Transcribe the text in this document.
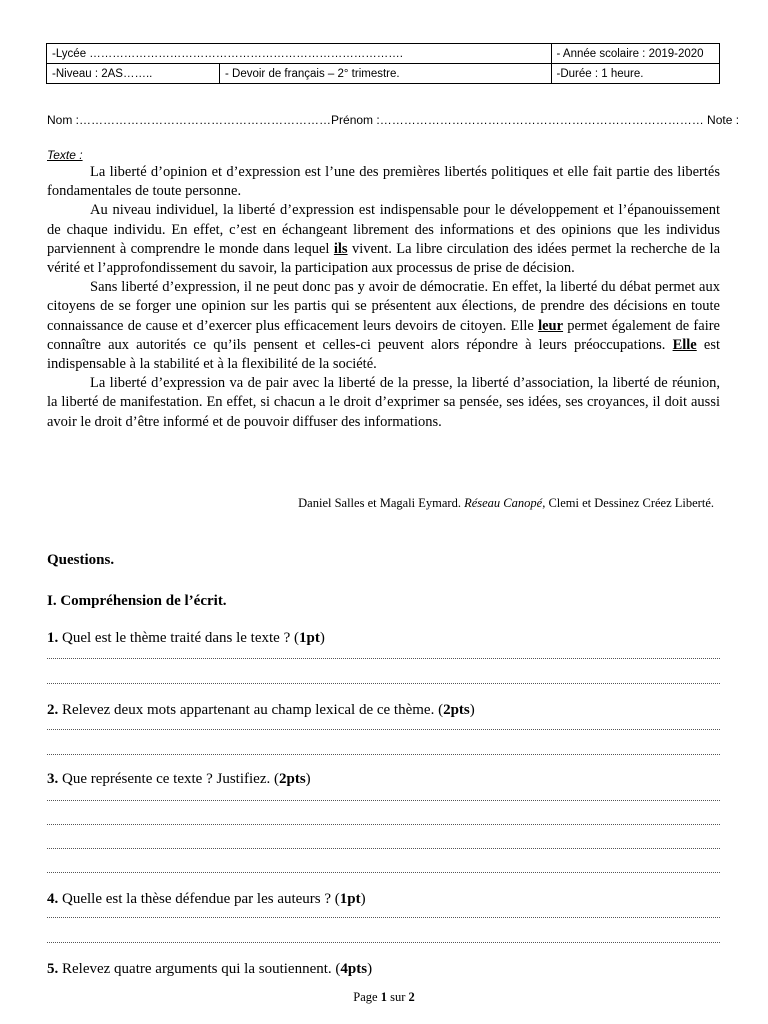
-Lycée ……………………………………………………………………….		- Année scolaire : 2019-2020
-Niveau : 2AS……..	- Devoir de français – 2° trimestre.	-Durée : 1 heure.
Nom :………………………………………………………Prénom :……………………………………………………………………… Note :
Texte :

La liberté d’opinion et d’expression est l’une des premières libertés politiques et elle fait partie des libertés fondamentales de toute personne.

Au niveau individuel, la liberté d’expression est indispensable pour le développement et l’épanouissement de chaque individu. En effet, c’est en échangeant librement des informations et des opinions que les individus parviennent à comprendre le monde dans lequel ils vivent. La libre circulation des idées permet la recherche de la vérité et l’approfondissement du savoir, la participation aux processus de prise de décision.

Sans liberté d’expression, il ne peut donc pas y avoir de démocratie. En effet, la liberté du débat permet aux citoyens de se forger une opinion sur les partis qui se présentent aux élections, de prendre des décisions en toute connaissance de cause et d’exercer plus efficacement leurs devoirs de citoyen. Elle leur permet également de faire connaître aux autorités ce qu’ils pensent et celles-ci peuvent alors répondre à leurs préoccupations. Elle est indispensable à la stabilité et à la flexibilité de la société.

La liberté d’expression va de pair avec la liberté de la presse, la liberté d’association, la liberté de réunion, la liberté de manifestation. En effet, si chacun a le droit d’exprimer sa pensée, ses idées, ses croyances, il doit aussi avoir le droit d’être informé et de pouvoir diffuser des informations.

Daniel Salles et Magali Eymard. Réseau Canopé, Clemi et Dessinez Créez Liberté.
Questions.
I. Compréhension de l’écrit.
1. Quel est le thème traité dans le texte ? (1pt)
2. Relevez deux mots appartenant au champ lexical de ce thème. (2pts)
3. Que représente ce texte ? Justifiez. (2pts)
4. Quelle est la thèse défendue par les auteurs ? (1pt)
5. Relevez quatre arguments qui la soutiennent. (4pts)
Page 1 sur 2
